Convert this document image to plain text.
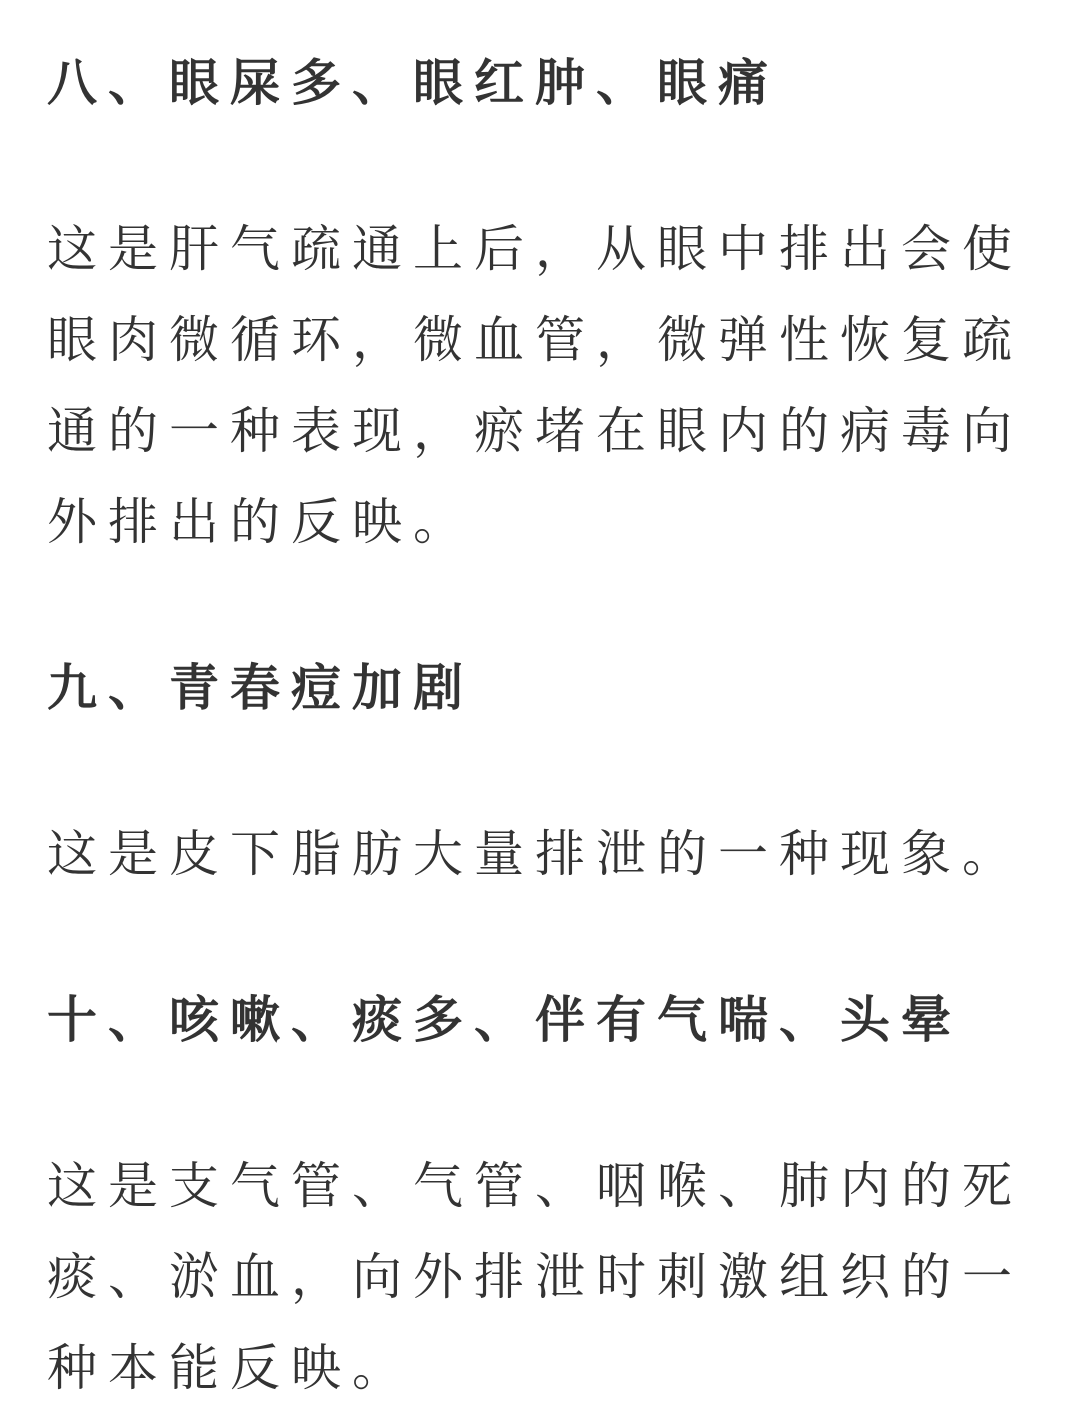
八、眼屎多、眼红肿、眼痛
这是肝气疏通上后，从眼中排出会使
眼肉微循环，微血管，微弹性恢复疏
通的一种表现，瘀堵在眼内的病毒向
外排出的反映。
九、青春痘加剧
这是皮下脂肪大量排泄的一种现象。
十、咳嗽、痰多、伴有气喘、头晕
这是支气管、气管、咽喉、肺内的死
痰、淤血，向外排泄时刺激组织的一
种本能反映。
